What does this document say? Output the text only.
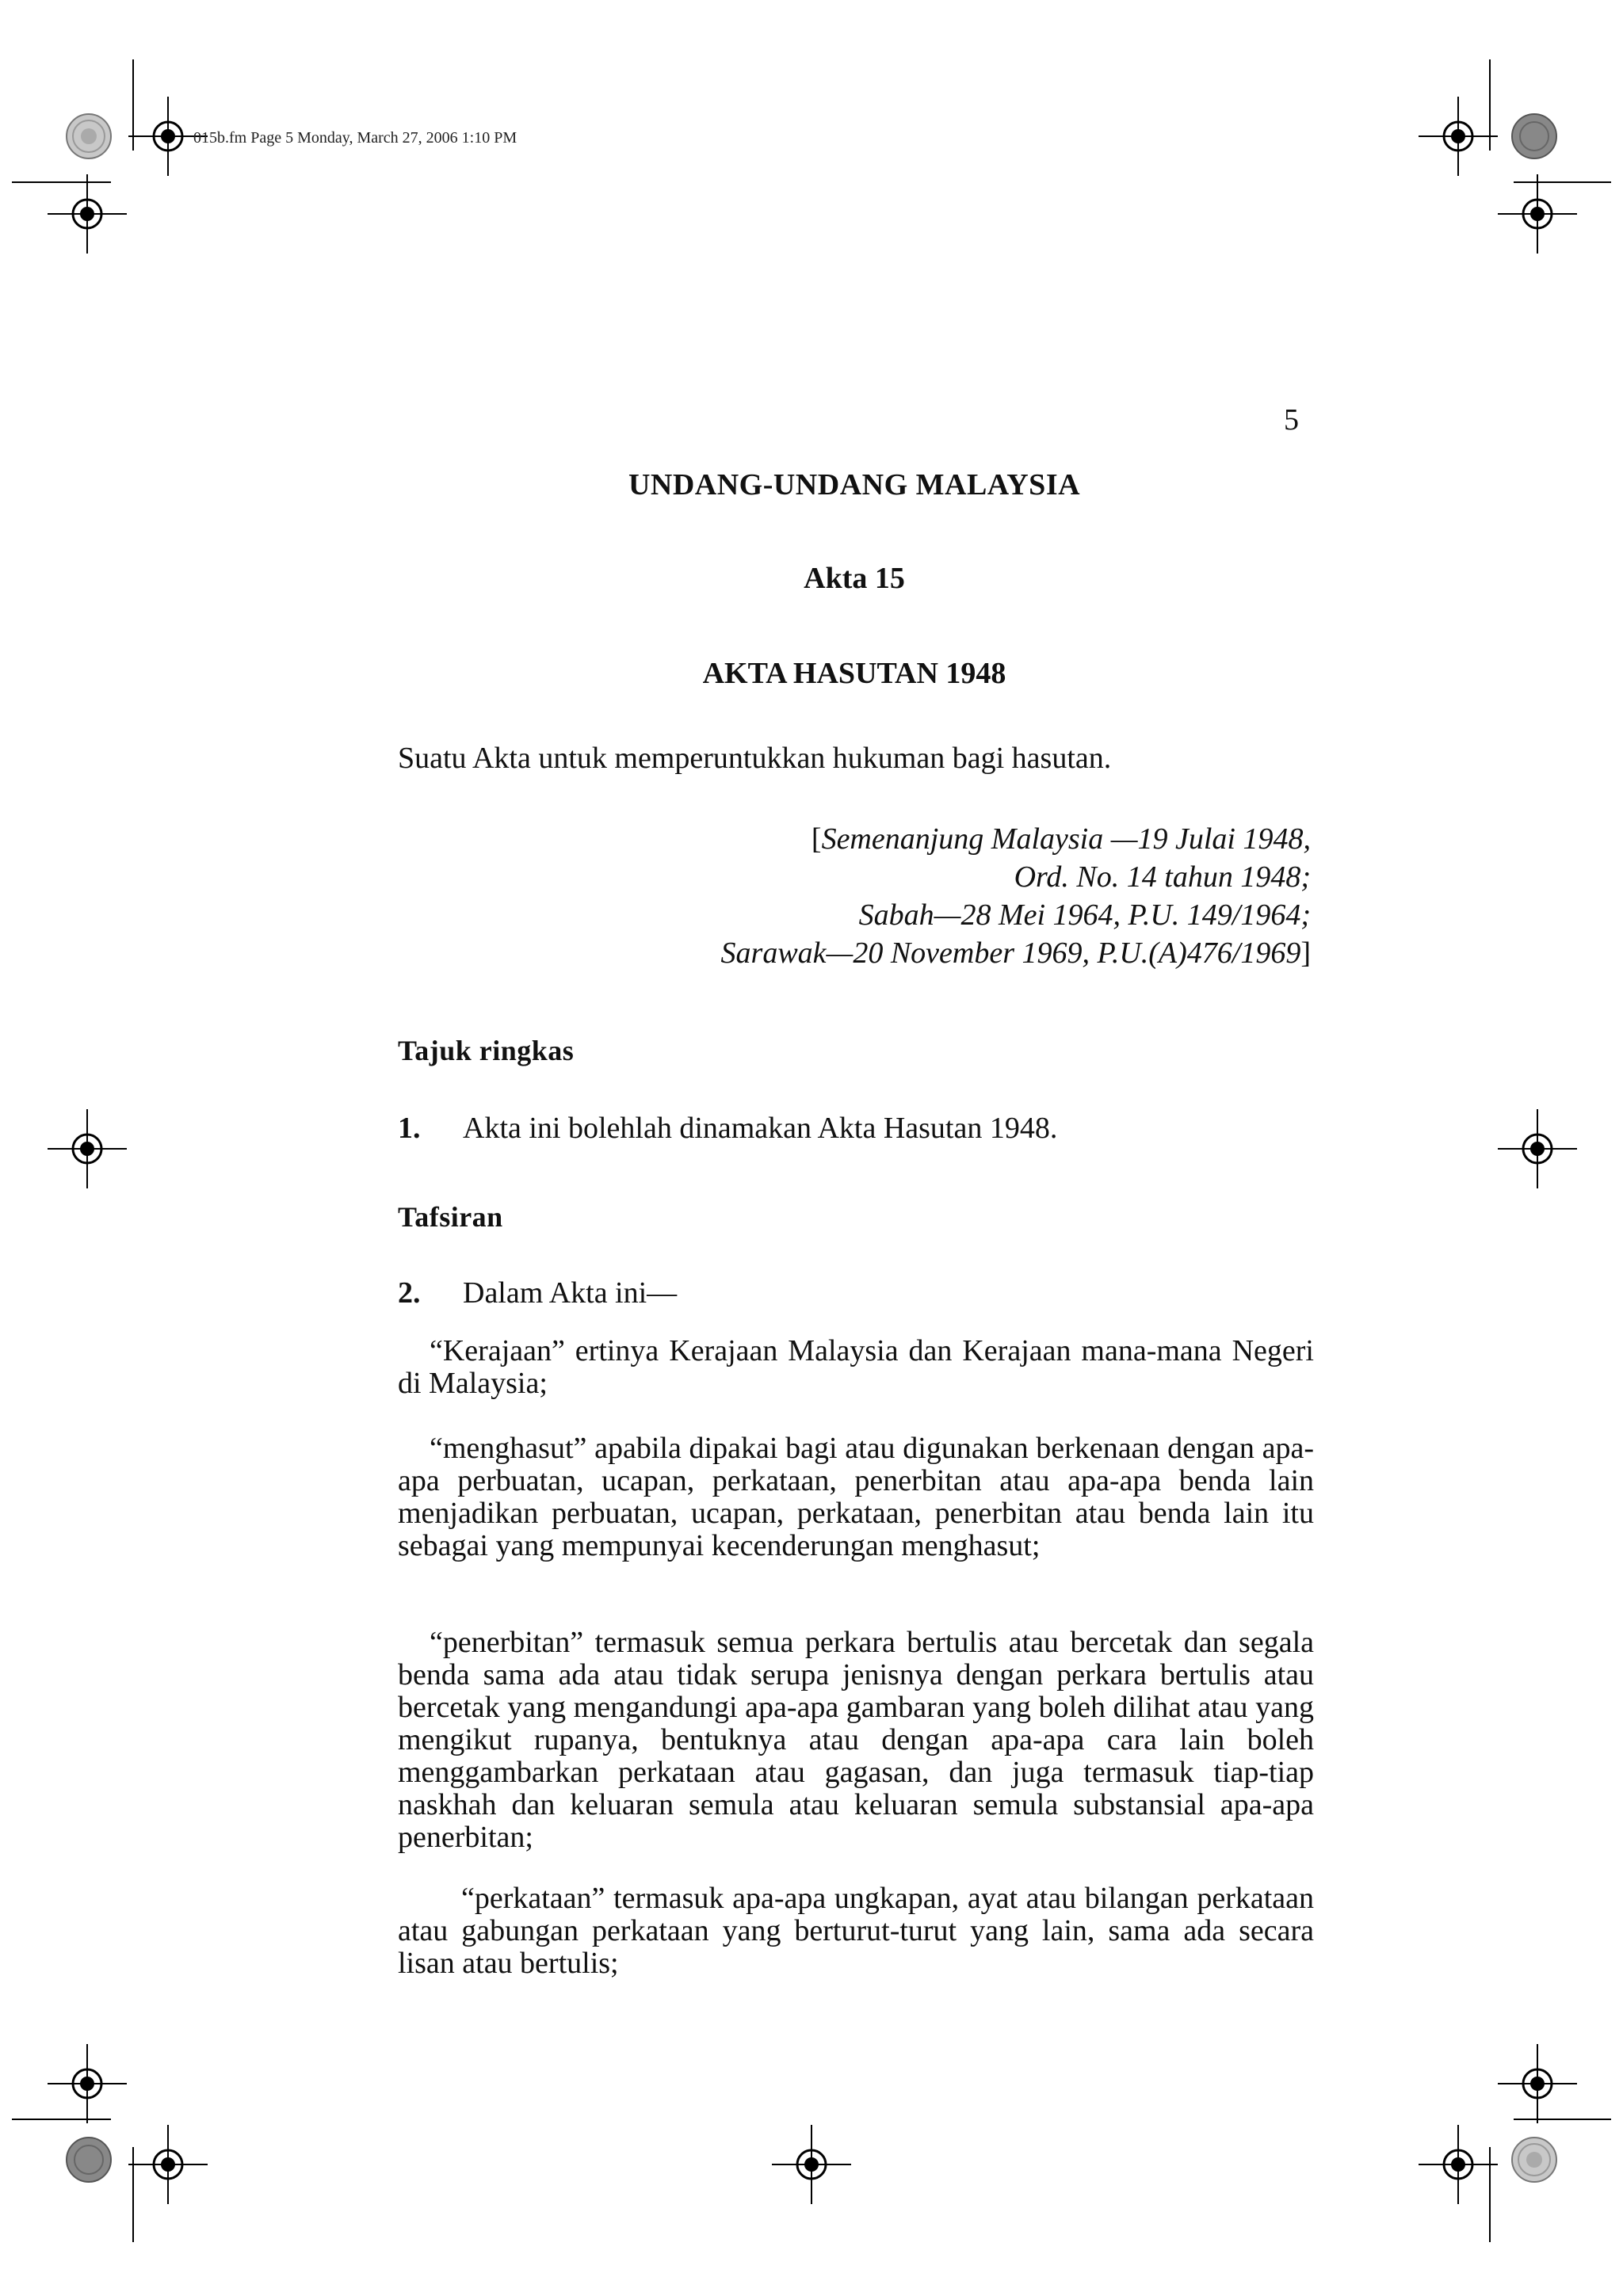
015b.fm Page 5 Monday, March 27, 2006 1:10 PM
5
UNDANG-UNDANG MALAYSIA
Akta 15
AKTA HASUTAN 1948
Suatu Akta untuk memperuntukkan hukuman bagi hasutan.
[Semenanjung Malaysia —19 Julai 1948,
Ord. No. 14 tahun 1948;
Sabah—28 Mei 1964, P.U. 149/1964;
Sarawak—20 November 1969, P.U.(A)476/1969]
Tajuk ringkas
1. Akta ini bolehlah dinamakan Akta Hasutan 1948.
Tafsiran
2. Dalam Akta ini—
“Kerajaan” ertinya Kerajaan Malaysia dan Kerajaan mana-mana Negeri di Malaysia;
“menghasut” apabila dipakai bagi atau digunakan berkenaan dengan apa-apa perbuatan, ucapan, perkataan, penerbitan atau apa-apa benda lain menjadikan perbuatan, ucapan, perkataan, penerbitan atau benda lain itu sebagai yang mempunyai kecenderungan menghasut;
“penerbitan” termasuk semua perkara bertulis atau bercetak dan segala benda sama ada atau tidak serupa jenisnya dengan perkara bertulis atau bercetak yang mengandungi apa-apa gambaran yang boleh dilihat atau yang mengikut rupanya, bentuknya atau dengan apa-apa cara lain boleh menggambarkan perkataan atau gagasan, dan juga termasuk tiap-tiap naskhah dan keluaran semula atau keluaran semula substansial apa-apa penerbitan;
“perkataan” termasuk apa-apa ungkapan, ayat atau bilangan perkataan atau gabungan perkataan yang berturut-turut yang lain, sama ada secara lisan atau bertulis;
